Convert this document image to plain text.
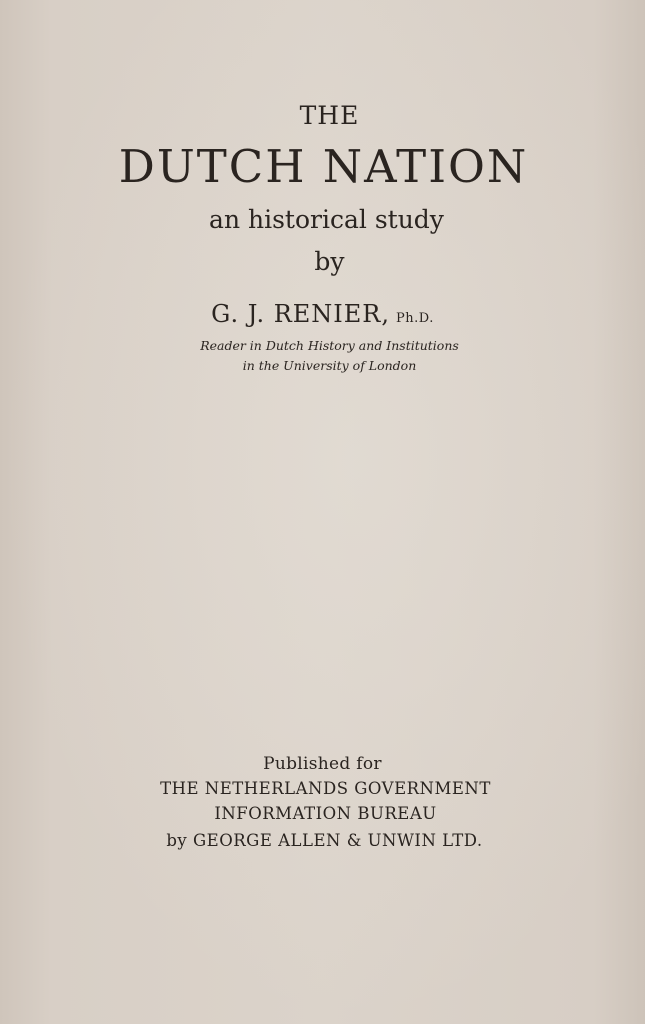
THE
DUTCH NATION
an historical study
by
G. J. RENIER, Ph.D.
Reader in Dutch History and Institutions
in the University of London
Published for
THE NETHERLANDS GOVERNMENT
INFORMATION BUREAU
by GEORGE ALLEN & UNWIN LTD.
